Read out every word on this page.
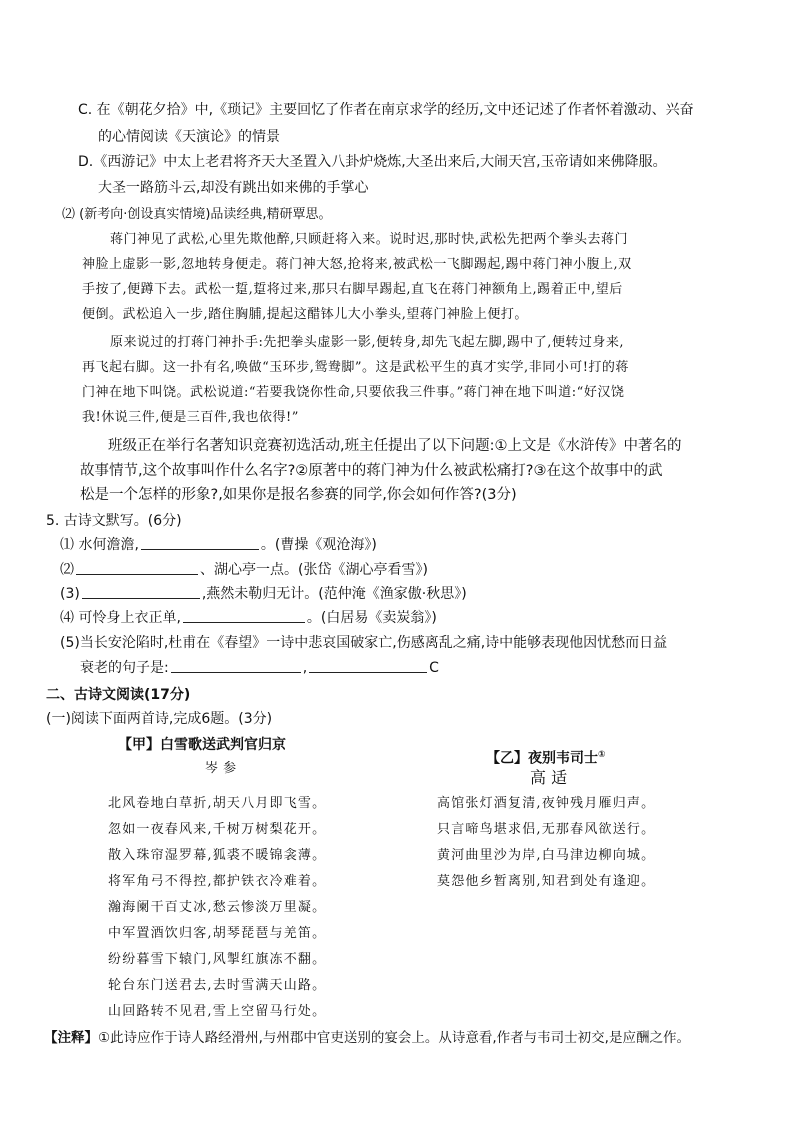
C. 在《朝花夕拾》中,《琐记》主要回忆了作者在南京求学的经历,文中还记述了作者怀着激动、兴奋
的心情阅读《天演论》的情景
D.《西游记》中太上老君将齐天大圣置入八卦炉烧炼,大圣出来后,大闹天宫,玉帝请如来佛降服。
大圣一路筋斗云,却没有跳出如来佛的手掌心
⑵ (新考向·创设真实情境)品读经典,精研覃思。
蒋门神见了武松,心里先欺他醉,只顾赶将入来。说时迟,那时快,武松先把两个拳头去蒋门
神脸上虚影一影,忽地转身便走。蒋门神大怒,抢将来,被武松一飞脚踢起,踢中蒋门神小腹上,双
手按了,便蹲下去。武松一踅,踅将过来,那只右脚早踢起,直飞在蒋门神额角上,踢着正中,望后
便倒。武松追入一步,踏住胸脯,提起这醋钵儿大小拳头,望蒋门神脸上便打。
原来说过的打蒋门神扑手:先把拳头虚影一影,便转身,却先飞起左脚,踢中了,便转过身来,
再飞起右脚。这一扑有名,唤做“玉环步,鸳鸯脚”。这是武松平生的真才实学,非同小可!打的蒋
门神在地下叫饶。武松说道:“若要我饶你性命,只要依我三件事。”蒋门神在地下叫道:“好汉饶
我!休说三件,便是三百件,我也依得!”
班级正在举行名著知识竞赛初选活动,班主任提出了以下问题:①上文是《水浒传》中著名的
故事情节,这个故事叫作什么名字?②原著中的蒋门神为什么被武松痛打?③在这个故事中的武
松是一个怎样的形象?,如果你是报名参赛的同学,你会如何作答?(3分)
5. 古诗文默写。(6分)
⑴ 水何澹澹,	。(曹操《观沧海》)
⑵	、湖心亭一点。(张岱《湖心亭看雪》)
(3)	,燕然未勒归无计。(范仲淹《渔家傲·秋思》)
⑷ 可怜身上衣正单,	。(白居易《卖炭翁》)
(5)当长安沦陷时,杜甫在《春望》一诗中悲哀国破家亡,伤感离乱之痛,诗中能够表现他因忧愁而日益
衰老的句子是:	,	C
二、古诗文阅读(17分)
(一)阅读下面两首诗,完成6题。(3分)
【甲】白雪歌送武判官归京
岑 参
北风卷地白草折,胡天八月即飞雪。
忽如一夜春风来,千树万树梨花开。
散入珠帘湿罗幕,狐裘不暖锦衾薄。
将军角弓不得控,都护铁衣冷难着。
瀚海阑干百丈冰,愁云惨淡万里凝。
中军置酒饮归客,胡琴琵琶与羌笛。
纷纷暮雪下辕门,风掣红旗冻不翻。
轮台东门送君去,去时雪满天山路。
山回路转不见君,雪上空留马行处。
【乙】夜别韦司士①
高 适
高馆张灯酒复清,夜钟残月雁归声。
只言啼鸟堪求侣,无那春风欲送行。
黄河曲里沙为岸,白马津边柳向城。
莫怨他乡暂离别,知君到处有逢迎。
【注释】①此诗应作于诗人路经滑州,与州郡中官吏送别的宴会上。从诗意看,作者与韦司士初交,是应酬之作。
